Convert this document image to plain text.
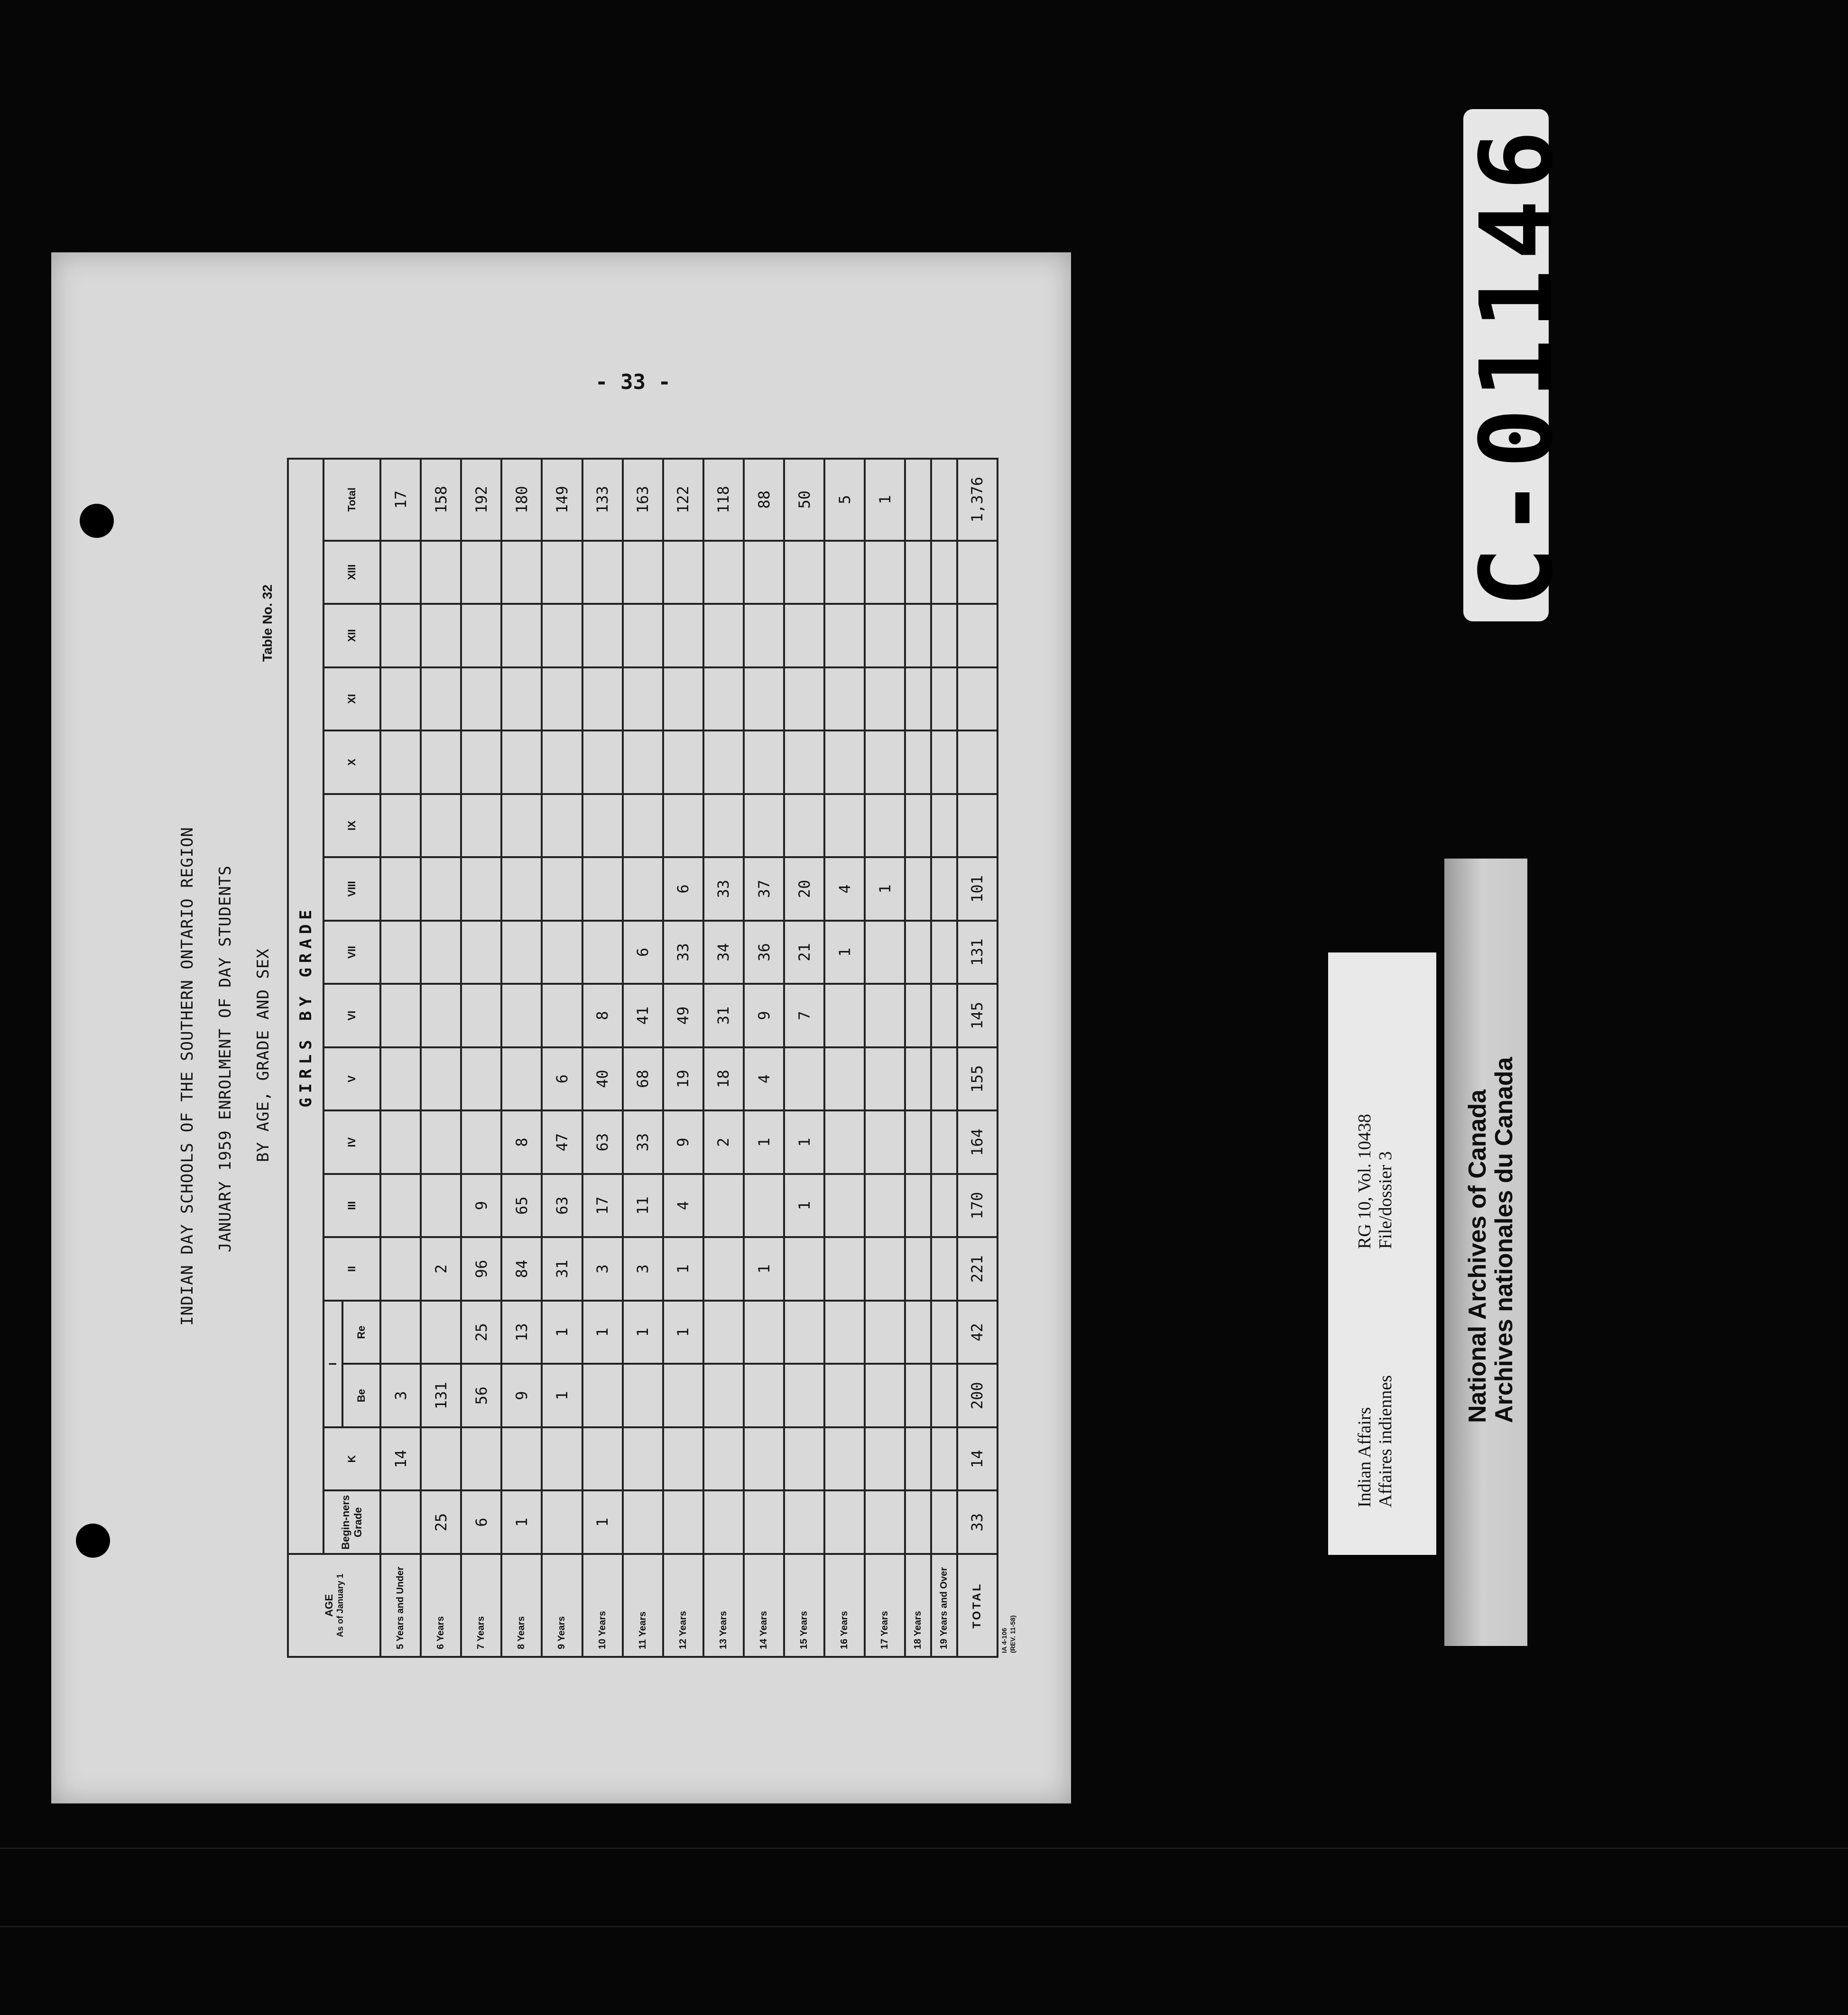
- 33 -
INDIAN DAY SCHOOLS OF THE SOUTHERN ONTARIO REGION JANUARY 1959 ENROLMENT OF DAY STUDENTS BY AGE, GRADE AND SEX
Table No. 32
AGE As of January 1	GIRLS BY GRADE																
	Begin-ners Grade	K	I		II	III	IV	V	VI	VII	VIII	IX	X	XI	XII	XIII	Total
			Be	Re													
5 Years and Under		14	3														17
6 Years	25		131		2												158
7 Years	6		56	25	96	9											192
8 Years	1		9	13	84	65	8										180
9 Years			1	1	31	63	47	6									149
10 Years	1			1	3	17	63	40	8								133
11 Years				1	3	11	33	68	41	6							163
12 Years				1	1	4	9	19	49	33	6						122
13 Years							2	18	31	34	33						118
14 Years					1		1	4	9	36	37						88
15 Years						1	1		7	21	20						50
16 Years										1	4						5
17 Years											1						1
18 Years																	
19 Years and Over																	
TOTAL	33	14	200	42	221	170	164	155	145	131	101						1,376
IA 4-106 (REV. 11-58)
Indian Affairs Affaires indiennes
RG 10, Vol. 10438 File/dossier 3	National Archives of Canada
Archives nationales du Canada
C-01146
